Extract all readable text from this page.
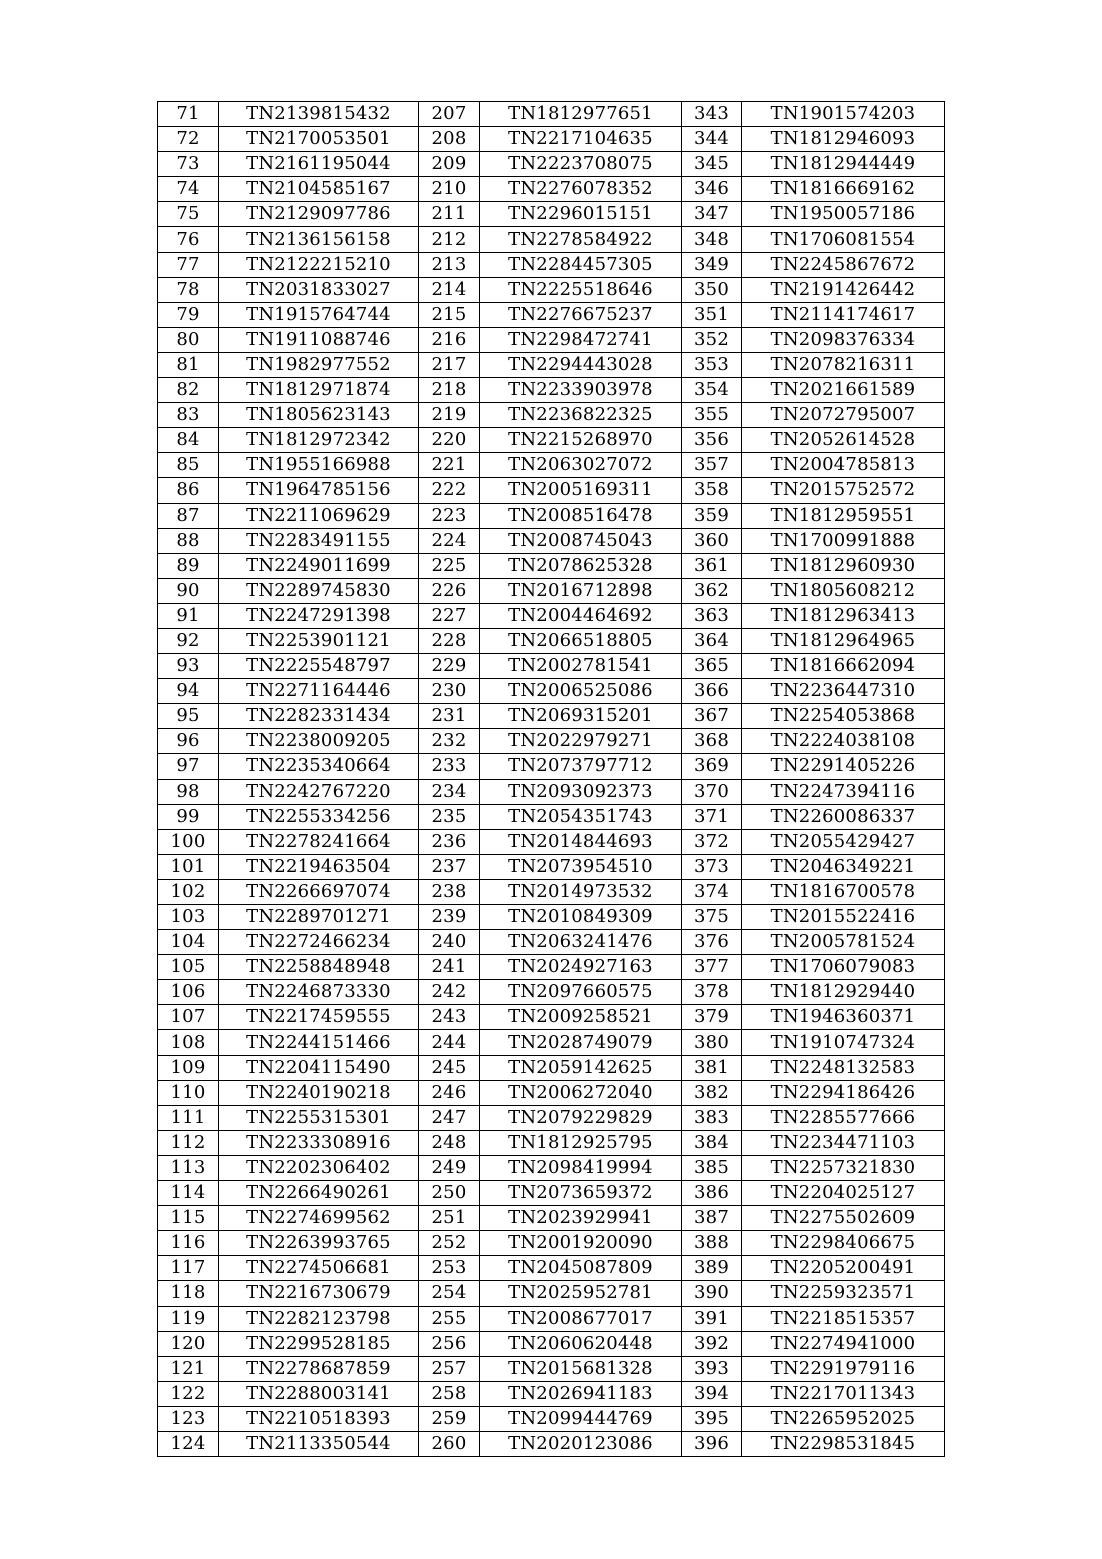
71	TN2139815432	207	TN1812977651	343	TN1901574203
72	TN2170053501	208	TN2217104635	344	TN1812946093
73	TN2161195044	209	TN2223708075	345	TN1812944449
74	TN2104585167	210	TN2276078352	346	TN1816669162
75	TN2129097786	211	TN2296015151	347	TN1950057186
76	TN2136156158	212	TN2278584922	348	TN1706081554
77	TN2122215210	213	TN2284457305	349	TN2245867672
78	TN2031833027	214	TN2225518646	350	TN2191426442
79	TN1915764744	215	TN2276675237	351	TN2114174617
80	TN1911088746	216	TN2298472741	352	TN2098376334
81	TN1982977552	217	TN2294443028	353	TN2078216311
82	TN1812971874	218	TN2233903978	354	TN2021661589
83	TN1805623143	219	TN2236822325	355	TN2072795007
84	TN1812972342	220	TN2215268970	356	TN2052614528
85	TN1955166988	221	TN2063027072	357	TN2004785813
86	TN1964785156	222	TN2005169311	358	TN2015752572
87	TN2211069629	223	TN2008516478	359	TN1812959551
88	TN2283491155	224	TN2008745043	360	TN1700991888
89	TN2249011699	225	TN2078625328	361	TN1812960930
90	TN2289745830	226	TN2016712898	362	TN1805608212
91	TN2247291398	227	TN2004464692	363	TN1812963413
92	TN2253901121	228	TN2066518805	364	TN1812964965
93	TN2225548797	229	TN2002781541	365	TN1816662094
94	TN2271164446	230	TN2006525086	366	TN2236447310
95	TN2282331434	231	TN2069315201	367	TN2254053868
96	TN2238009205	232	TN2022979271	368	TN2224038108
97	TN2235340664	233	TN2073797712	369	TN2291405226
98	TN2242767220	234	TN2093092373	370	TN2247394116
99	TN2255334256	235	TN2054351743	371	TN2260086337
100	TN2278241664	236	TN2014844693	372	TN2055429427
101	TN2219463504	237	TN2073954510	373	TN2046349221
102	TN2266697074	238	TN2014973532	374	TN1816700578
103	TN2289701271	239	TN2010849309	375	TN2015522416
104	TN2272466234	240	TN2063241476	376	TN2005781524
105	TN2258848948	241	TN2024927163	377	TN1706079083
106	TN2246873330	242	TN2097660575	378	TN1812929440
107	TN2217459555	243	TN2009258521	379	TN1946360371
108	TN2244151466	244	TN2028749079	380	TN1910747324
109	TN2204115490	245	TN2059142625	381	TN2248132583
110	TN2240190218	246	TN2006272040	382	TN2294186426
111	TN2255315301	247	TN2079229829	383	TN2285577666
112	TN2233308916	248	TN1812925795	384	TN2234471103
113	TN2202306402	249	TN2098419994	385	TN2257321830
114	TN2266490261	250	TN2073659372	386	TN2204025127
115	TN2274699562	251	TN2023929941	387	TN2275502609
116	TN2263993765	252	TN2001920090	388	TN2298406675
117	TN2274506681	253	TN2045087809	389	TN2205200491
118	TN2216730679	254	TN2025952781	390	TN2259323571
119	TN2282123798	255	TN2008677017	391	TN2218515357
120	TN2299528185	256	TN2060620448	392	TN2274941000
121	TN2278687859	257	TN2015681328	393	TN2291979116
122	TN2288003141	258	TN2026941183	394	TN2217011343
123	TN2210518393	259	TN2099444769	395	TN2265952025
124	TN2113350544	260	TN2020123086	396	TN2298531845
